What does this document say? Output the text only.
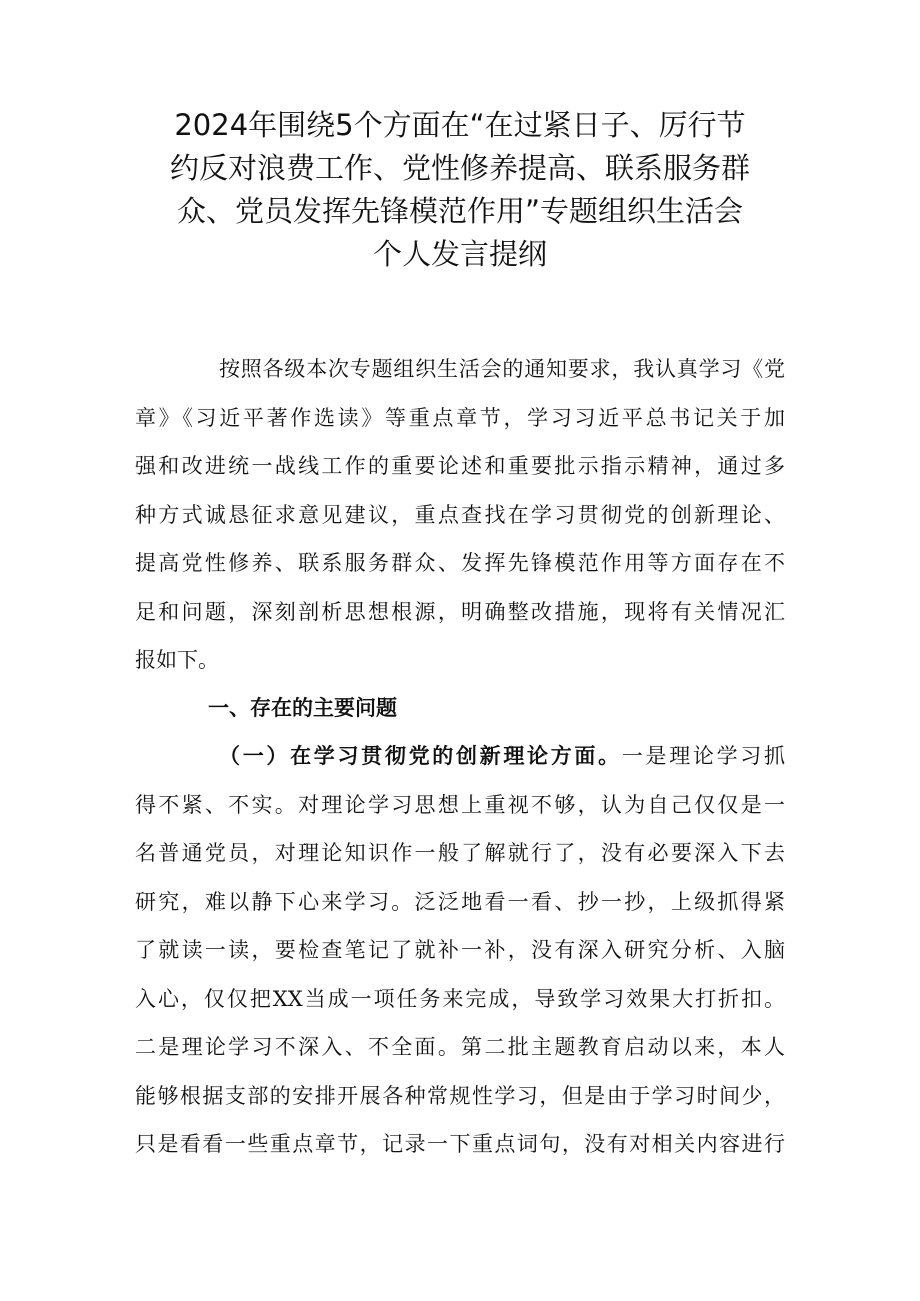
2024年围绕5个方面在“在过紧日子、厉行节
约反对浪费工作、党性修养提高、联系服务群
众、党员发挥先锋模范作用”专题组织生活会
个人发言提纲

按照各级本次专题组织生活会的通知要求，我认真学习《党
章》《习近平著作选读》等重点章节，学习习近平总书记关于加
强和改进统一战线工作的重要论述和重要批示指示精神，通过多
种方式诚恳征求意见建议，重点查找在学习贯彻党的创新理论、
提高党性修养、联系服务群众、发挥先锋模范作用等方面存在不
足和问题，深刻剖析思想根源，明确整改措施，现将有关情况汇
报如下。

一、存在的主要问题

（一）在学习贯彻党的创新理论方面。一是理论学习抓
得不紧、不实。对理论学习思想上重视不够，认为自己仅仅是一
名普通党员，对理论知识作一般了解就行了，没有必要深入下去
研究，难以静下心来学习。泛泛地看一看、抄一抄，上级抓得紧
了就读一读，要检查笔记了就补一补，没有深入研究分析、入脑
入心，仅仅把XX当成一项任务来完成，导致学习效果大打折扣。
二是理论学习不深入、不全面。第二批主题教育启动以来，本人
能够根据支部的安排开展各种常规性学习，但是由于学习时间少，
只是看看一些重点章节，记录一下重点词句，没有对相关内容进行
